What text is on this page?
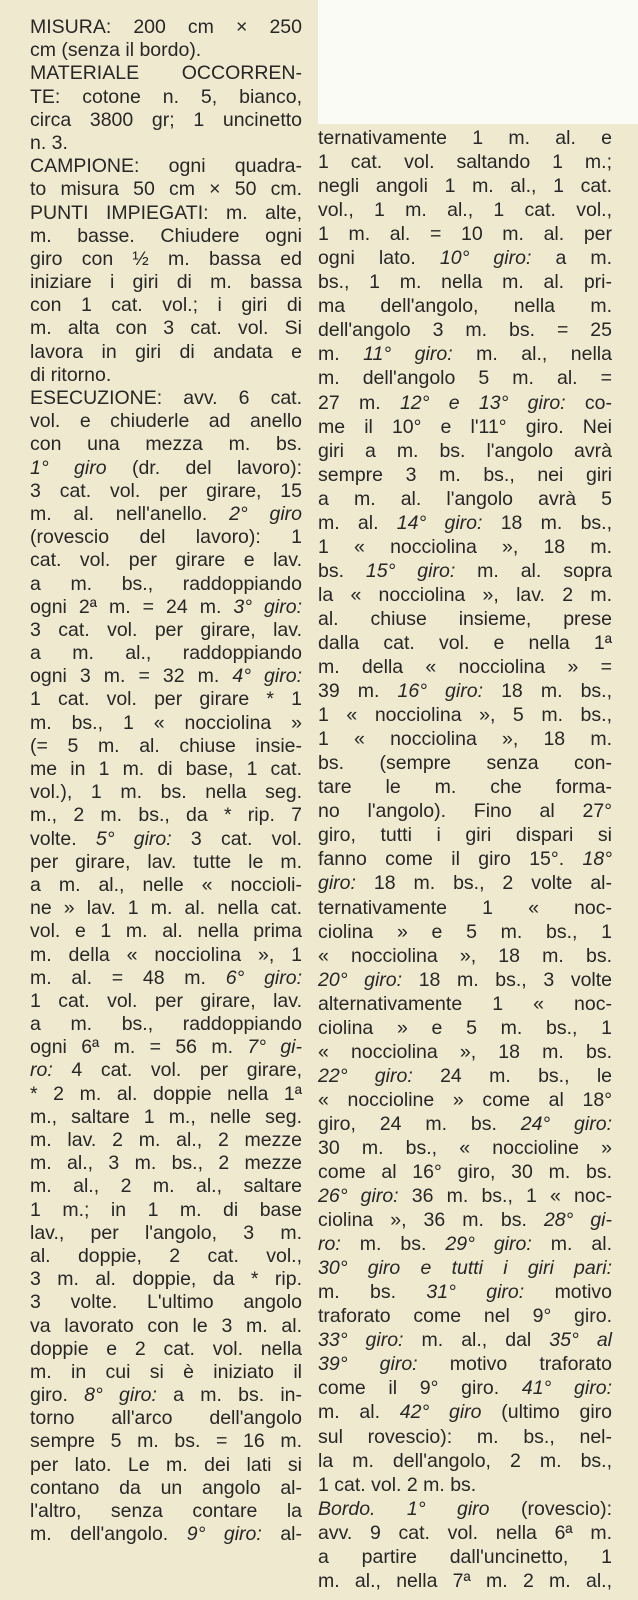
MISURA: 200 cm × 250
cm (senza il bordo).
MATERIALE OCCORREN-
TE: cotone n. 5, bianco,
circa 3800 gr; 1 uncinetto
n. 3.
CAMPIONE: ogni quadra-
to misura 50 cm × 50 cm.
PUNTI IMPIEGATI: m. alte,
m. basse. Chiudere ogni
giro con ½ m. bassa ed
iniziare i giri di m. bassa
con 1 cat. vol.; i giri di
m. alta con 3 cat. vol. Si
lavora in giri di andata e
di ritorno.
ESECUZIONE: avv. 6 cat.
vol. e chiuderle ad anello
con una mezza m. bs.
1° giro (dr. del lavoro):
3 cat. vol. per girare, 15
m. al. nell'anello. 2° giro
(rovescio del lavoro): 1
cat. vol. per girare e lav.
a m. bs., raddoppiando
ogni 2ª m. = 24 m. 3° giro:
3 cat. vol. per girare, lav.
a m. al., raddoppiando
ogni 3 m. = 32 m. 4° giro:
1 cat. vol. per girare * 1
m. bs., 1 « nocciolina »
(= 5 m. al. chiuse insie-
me in 1 m. di base, 1 cat.
vol.), 1 m. bs. nella seg.
m., 2 m. bs., da * rip. 7
volte. 5° giro: 3 cat. vol.
per girare, lav. tutte le m.
a m. al., nelle « noccioli-
ne » lav. 1 m. al. nella cat.
vol. e 1 m. al. nella prima
m. della « nocciolina », 1
m. al. = 48 m. 6° giro:
1 cat. vol. per girare, lav.
a m. bs., raddoppiando
ogni 6ª m. = 56 m. 7° gi-
ro: 4 cat. vol. per girare,
* 2 m. al. doppie nella 1ª
m., saltare 1 m., nelle seg.
m. lav. 2 m. al., 2 mezze
m. al., 3 m. bs., 2 mezze
m. al., 2 m. al., saltare
1 m.; in 1 m. di base
lav., per l'angolo, 3 m.
al. doppie, 2 cat. vol.,
3 m. al. doppie, da * rip.
3 volte. L'ultimo angolo
va lavorato con le 3 m. al.
doppie e 2 cat. vol. nella
m. in cui si è iniziato il
giro. 8° giro: a m. bs. in-
torno all'arco dell'angolo
sempre 5 m. bs. = 16 m.
per lato. Le m. dei lati si
contano da un angolo al-
l'altro, senza contare la
m. dell'angolo. 9° giro: al-
ternativamente 1 m. al. e
1 cat. vol. saltando 1 m.;
negli angoli 1 m. al., 1 cat.
vol., 1 m. al., 1 cat. vol.,
1 m. al. = 10 m. al. per
ogni lato. 10° giro: a m.
bs., 1 m. nella m. al. pri-
ma dell'angolo, nella m.
dell'angolo 3 m. bs. = 25
m. 11° giro: m. al., nella
m. dell'angolo 5 m. al. =
27 m. 12° e 13° giro: co-
me il 10° e l'11° giro. Nei
giri a m. bs. l'angolo avrà
sempre 3 m. bs., nei giri
a m. al. l'angolo avrà 5
m. al. 14° giro: 18 m. bs.,
1 « nocciolina », 18 m.
bs. 15° giro: m. al. sopra
la « nocciolina », lav. 2 m.
al. chiuse insieme, prese
dalla cat. vol. e nella 1ª
m. della « nocciolina » =
39 m. 16° giro: 18 m. bs.,
1 « nocciolina », 5 m. bs.,
1 « nocciolina », 18 m.
bs. (sempre senza con-
tare le m. che forma-
no l'angolo). Fino al 27°
giro, tutti i giri dispari si
fanno come il giro 15°. 18°
giro: 18 m. bs., 2 volte al-
ternativamente 1 « noc-
ciolina » e 5 m. bs., 1
« nocciolina », 18 m. bs.
20° giro: 18 m. bs., 3 volte
alternativamente 1 « noc-
ciolina » e 5 m. bs., 1
« nocciolina », 18 m. bs.
22° giro: 24 m. bs., le
« noccioline » come al 18°
giro, 24 m. bs. 24° giro:
30 m. bs., « noccioline »
come al 16° giro, 30 m. bs.
26° giro: 36 m. bs., 1 « noc-
ciolina », 36 m. bs. 28° gi-
ro: m. bs. 29° giro: m. al.
30° giro e tutti i giri pari:
m. bs. 31° giro: motivo
traforato come nel 9° giro.
33° giro: m. al., dal 35° al
39° giro: motivo traforato
come il 9° giro. 41° giro:
m. al. 42° giro (ultimo giro
sul rovescio): m. bs., nel-
la m. dell'angolo, 2 m. bs.,
1 cat. vol. 2 m. bs.
Bordo. 1° giro (rovescio):
avv. 9 cat. vol. nella 6ª m.
a partire dall'uncinetto, 1
m. al., nella 7ª m. 2 m. al.,
